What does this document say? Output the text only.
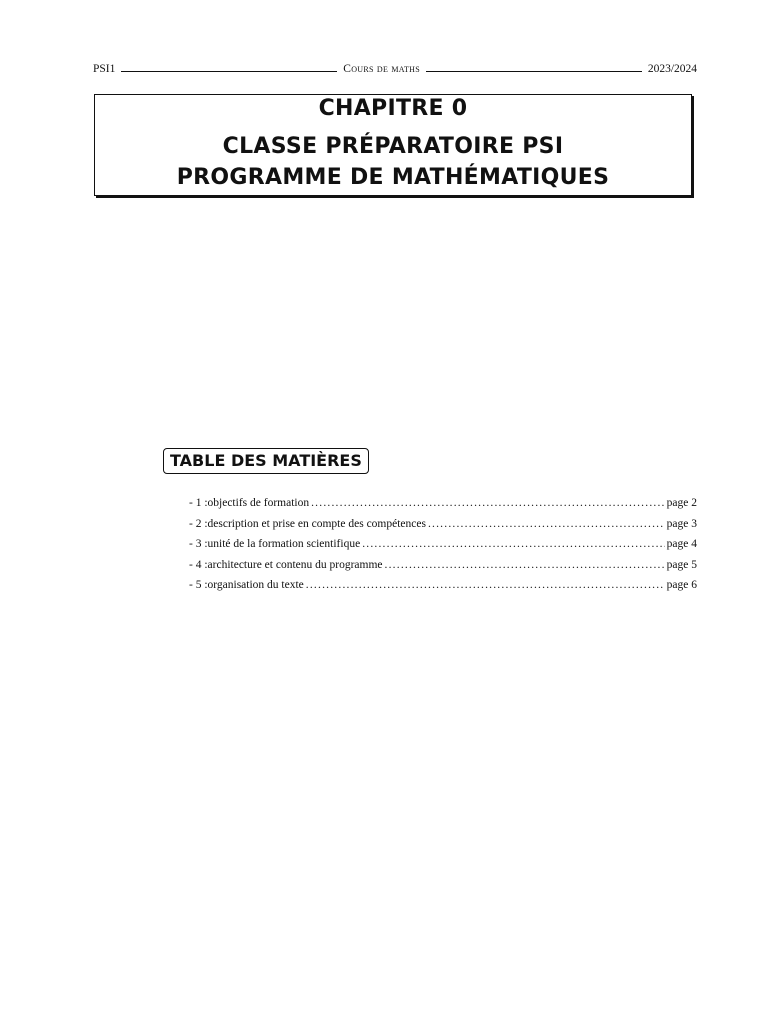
PSI1	Cours de maths	2023/2024
CHAPITRE 0
CLASSE PRÉPARATOIRE PSI
PROGRAMME DE MATHÉMATIQUES
TABLE DES MATIÈRES
- 1 : objectifs de formation .....	page 2
- 2 : description et prise en compte des compétences .....	page 3
- 3 : unité de la formation scientifique .....	page 4
- 4 : architecture et contenu du programme .....	page 5
- 5 : organisation du texte .....	page 6
